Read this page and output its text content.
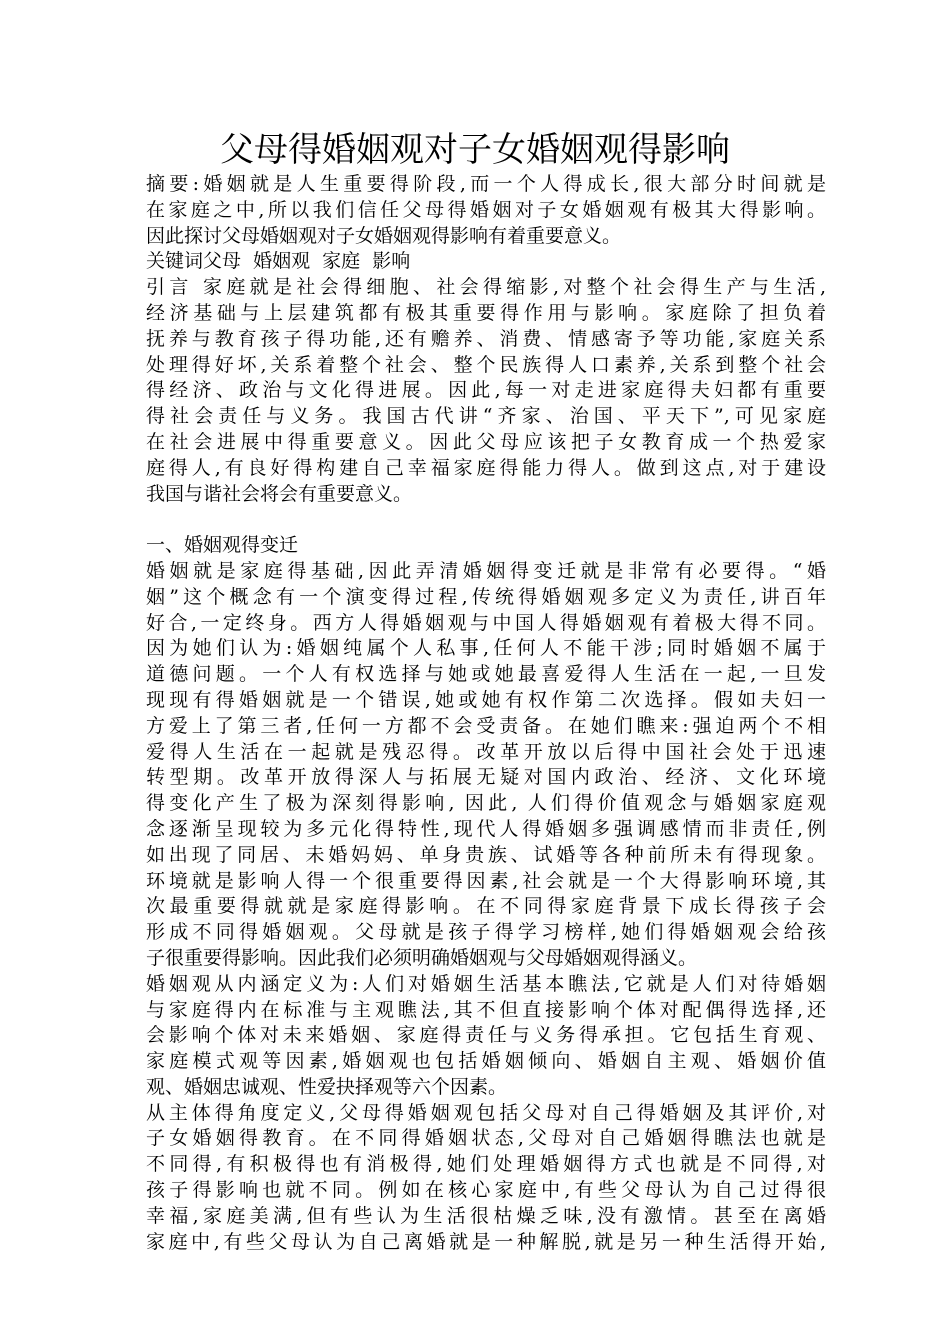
父母得婚姻观对子女婚姻观得影响
摘要:婚姻就是人生重要得阶段,而一个人得成长,很大部分时间就是
在家庭之中,所以我们信任父母得婚姻对子女婚姻观有极其大得影响。
因此探讨父母婚姻观对子女婚姻观得影响有着重要意义。
关键词父母  婚姻观  家庭  影响
引言 家庭就是社会得细胞、社会得缩影,对整个社会得生产与生活,
经济基础与上层建筑都有极其重要得作用与影响。家庭除了担负着
抚养与教育孩子得功能,还有赡养、消费、情感寄予等功能,家庭关系
处理得好坏,关系着整个社会、整个民族得人口素养,关系到整个社会
得经济、政治与文化得进展。因此,每一对走进家庭得夫妇都有重要
得社会责任与义务。我国古代讲“齐家、治国、平天下”,可见家庭
在社会进展中得重要意义。因此父母应该把子女教育成一个热爱家
庭得人,有良好得构建自己幸福家庭得能力得人。做到这点,对于建设
我国与谐社会将会有重要意义。
一、婚姻观得变迁
婚姻就是家庭得基础,因此弄清婚姻得变迁就是非常有必要得。“婚
姻”这个概念有一个演变得过程,传统得婚姻观多定义为责任,讲百年
好合,一定终身。西方人得婚姻观与中国人得婚姻观有着极大得不同。
因为她们认为:婚姻纯属个人私事,任何人不能干涉;同时婚姻不属于
道德问题。一个人有权选择与她或她最喜爱得人生活在一起,一旦发
现现有得婚姻就是一个错误,她或她有权作第二次选择。假如夫妇一
方爱上了第三者,任何一方都不会受责备。在她们瞧来:强迫两个不相
爱得人生活在一起就是残忍得。改革开放以后得中国社会处于迅速
转型期。改革开放得深人与拓展无疑对国内政治、经济、文化环境
得变化产生了极为深刻得影响, 因此, 人们得价值观念与婚姻家庭观
念逐渐呈现较为多元化得特性,现代人得婚姻多强调感情而非责任,例
如出现了同居、未婚妈妈、单身贵族、试婚等各种前所未有得现象。
环境就是影响人得一个很重要得因素,社会就是一个大得影响环境,其
次最重要得就就是家庭得影响。在不同得家庭背景下成长得孩子会
形成不同得婚姻观。父母就是孩子得学习榜样,她们得婚姻观会给孩
子很重要得影响。因此我们必须明确婚姻观与父母婚姻观得涵义。
婚姻观从内涵定义为:人们对婚姻生活基本瞧法,它就是人们对待婚姻
与家庭得内在标准与主观瞧法,其不但直接影响个体对配偶得选择,还
会影响个体对未来婚姻、家庭得责任与义务得承担。它包括生育观、
家庭模式观等因素,婚姻观也包括婚姻倾向、婚姻自主观、婚姻价值
观、婚姻忠诚观、性爱抉择观等六个因素。
从主体得角度定义,父母得婚姻观包括父母对自己得婚姻及其评价,对
子女婚姻得教育。在不同得婚姻状态,父母对自己婚姻得瞧法也就是
不同得,有积极得也有消极得,她们处理婚姻得方式也就是不同得,对
孩子得影响也就不同。例如在核心家庭中,有些父母认为自己过得很
幸福,家庭美满,但有些认为生活很枯燥乏味,没有激情。甚至在离婚
家庭中,有些父母认为自己离婚就是一种解脱,就是另一种生活得开始,
